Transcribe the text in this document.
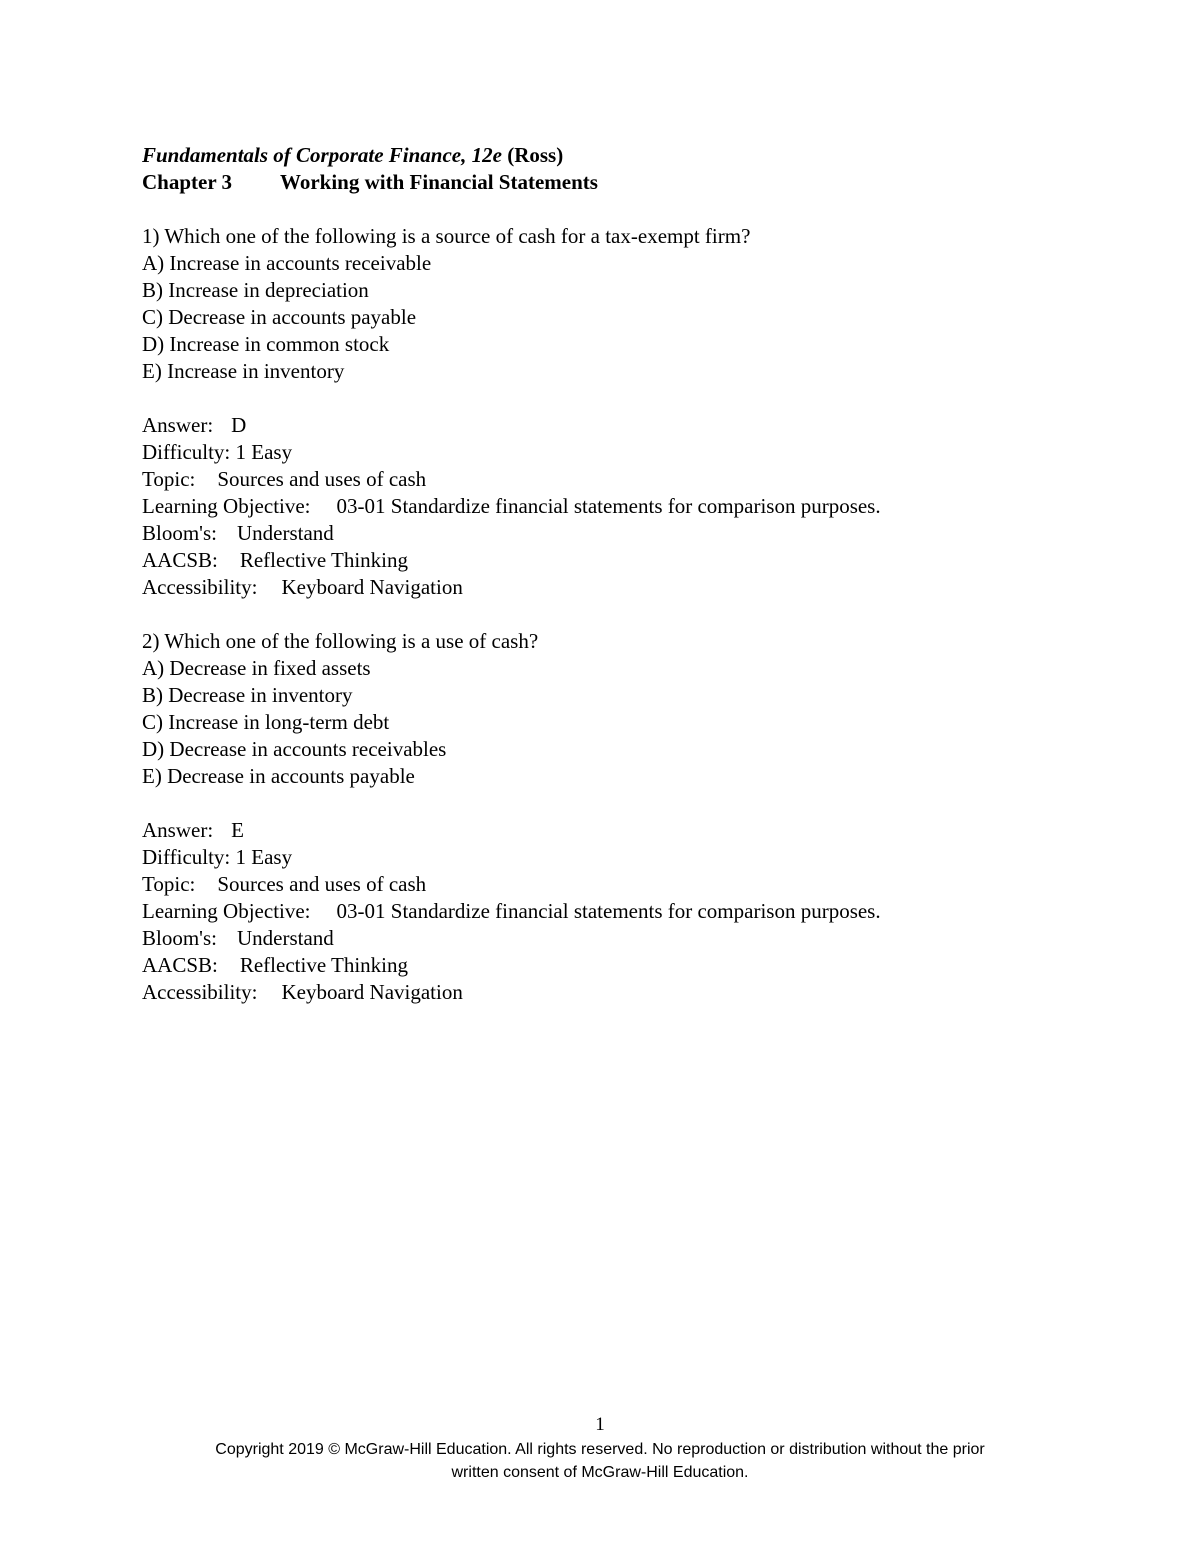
Fundamentals of Corporate Finance, 12e (Ross)
Chapter 3 Working with Financial Statements
1) Which one of the following is a source of cash for a tax-exempt firm?
A) Increase in accounts receivable
B) Increase in depreciation
C) Decrease in accounts payable
D) Increase in common stock
E) Increase in inventory
Answer: D
Difficulty: 1 Easy
Topic: Sources and uses of cash
Learning Objective: 03-01 Standardize financial statements for comparison purposes.
Bloom's: Understand
AACSB: Reflective Thinking
Accessibility: Keyboard Navigation
2) Which one of the following is a use of cash?
A) Decrease in fixed assets
B) Decrease in inventory
C) Increase in long-term debt
D) Decrease in accounts receivables
E) Decrease in accounts payable
Answer: E
Difficulty: 1 Easy
Topic: Sources and uses of cash
Learning Objective: 03-01 Standardize financial statements for comparison purposes.
Bloom's: Understand
AACSB: Reflective Thinking
Accessibility: Keyboard Navigation
1
Copyright 2019 © McGraw-Hill Education. All rights reserved. No reproduction or distribution without the prior
written consent of McGraw-Hill Education.
